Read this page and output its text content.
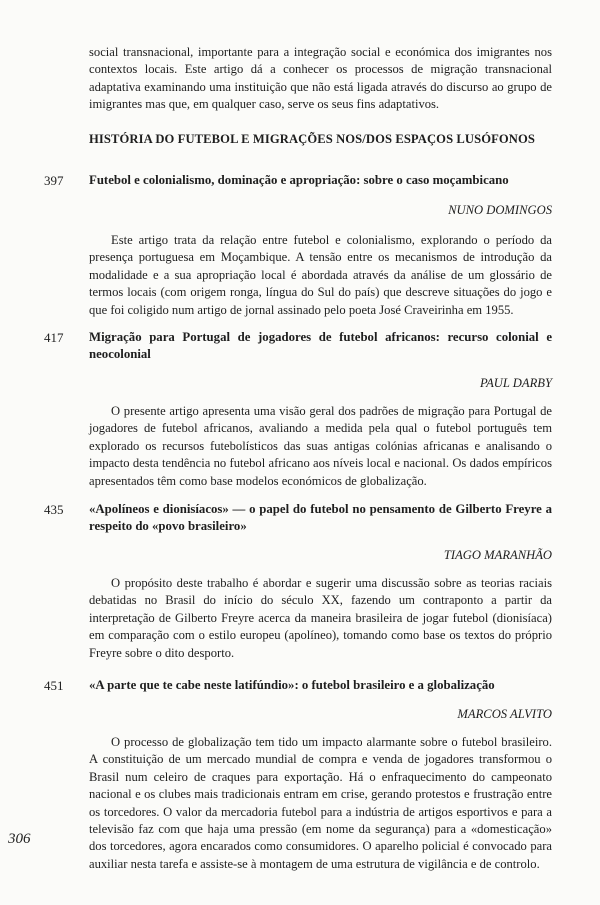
social transnacional, importante para a integração social e económica dos imigrantes nos contextos locais. Este artigo dá a conhecer os processos de migração transnacional adaptativa examinando uma instituição que não está ligada através do discurso ao grupo de imigrantes mas que, em qualquer caso, serve os seus fins adaptativos.

HISTÓRIA DO FUTEBOL E MIGRAÇÕES NOS/DOS ESPAÇOS LUSÓFONOS
397	Futebol e colonialismo, dominação e apropriação: sobre o caso moçambicano
NUNO DOMINGOS

Este artigo trata da relação entre futebol e colonialismo, explorando o período da presença portuguesa em Moçambique. A tensão entre os mecanismos de introdução da modalidade e a sua apropriação local é abordada através da análise de um glossário de termos locais (com origem ronga, língua do Sul do país) que descreve situações do jogo e que foi coligido num artigo de jornal assinado pelo poeta José Craveirinha em 1955.

417	Migração para Portugal de jogadores de futebol africanos: recurso colonial e neocolonial
PAUL DARBY

O presente artigo apresenta uma visão geral dos padrões de migração para Portugal de jogadores de futebol africanos, avaliando a medida pela qual o futebol português tem explorado os recursos futebolísticos das suas antigas colónias africanas e analisando o impacto desta tendência no futebol africano aos níveis local e nacional. Os dados empíricos apresentados têm como base modelos económicos de globalização.

435	«Apolíneos e dionisíacos» — o papel do futebol no pensamento de Gilberto Freyre a respeito do «povo brasileiro»
TIAGO MARANHÃO

O propósito deste trabalho é abordar e sugerir uma discussão sobre as teorias raciais debatidas no Brasil do início do século XX, fazendo um contraponto a partir da interpretação de Gilberto Freyre acerca da maneira brasileira de jogar futebol (dionisíaca) em comparação com o estilo europeu (apolíneo), tomando como base os textos do próprio Freyre sobre o dito desporto.

451	«A parte que te cabe neste latifúndio»: o futebol brasileiro e a globalização
MARCOS ALVITO

O processo de globalização tem tido um impacto alarmante sobre o futebol brasileiro. A constituição de um mercado mundial de compra e venda de jogadores transformou o Brasil num celeiro de craques para exportação. Há o enfraquecimento do campeonato nacional e os clubes mais tradicionais entram em crise, gerando protestos e frustração entre os torcedores. O valor da mercadoria futebol para a indústria de artigos esportivos e para a televisão faz com que haja uma pressão (em nome da segurança) para a «domesticação» dos torcedores, agora encarados como consumidores. O aparelho policial é convocado para auxiliar nesta tarefa e assiste-se à montagem de uma estrutura de vigilância e de controlo.

306
